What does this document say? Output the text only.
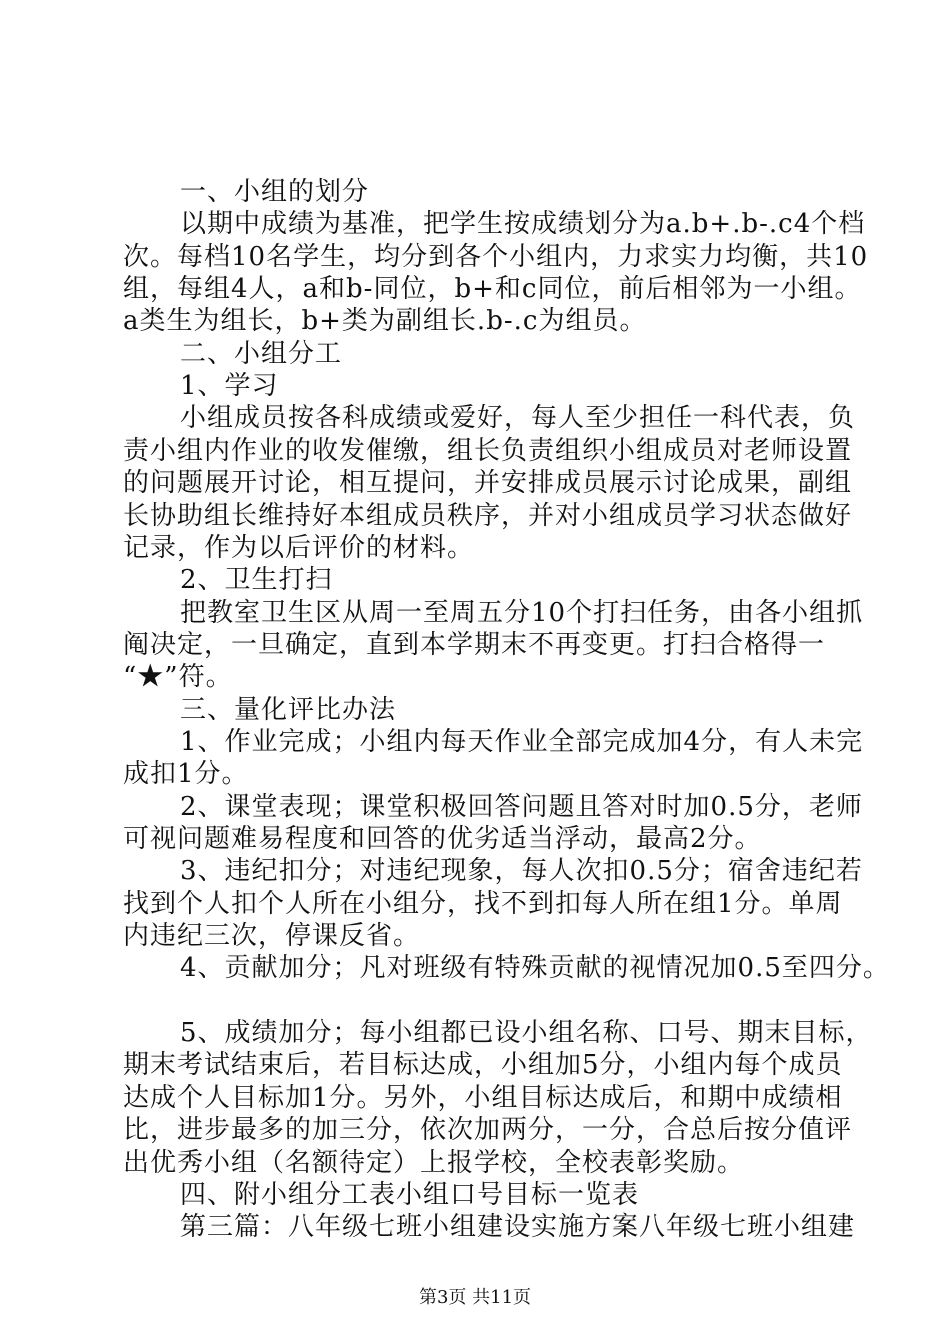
一、小组的划分
以期中成绩为基准，把学生按成绩划分为a.b+.b-.c4个档
次。每档10名学生，均分到各个小组内，力求实力均衡，共10
组，每组4人，a和b-同位，b+和c同位，前后相邻为一小组。
a类生为组长，b+类为副组长.b-.c为组员。
二、小组分工
1、学习
小组成员按各科成绩或爱好，每人至少担任一科代表，负
责小组内作业的收发催缴，组长负责组织小组成员对老师设置
的问题展开讨论，相互提问，并安排成员展示讨论成果，副组
长协助组长维持好本组成员秩序，并对小组成员学习状态做好
记录，作为以后评价的材料。
2、卫生打扫
把教室卫生区从周一至周五分10个打扫任务，由各小组抓
阄决定，一旦确定，直到本学期末不再变更。打扫合格得一
“★”符。
三、量化评比办法
1、作业完成；小组内每天作业全部完成加4分，有人未完
成扣1分。
2、课堂表现；课堂积极回答问题且答对时加0.5分，老师
可视问题难易程度和回答的优劣适当浮动，最高2分。
3、违纪扣分；对违纪现象，每人次扣0.5分；宿舍违纪若
找到个人扣个人所在小组分，找不到扣每人所在组1分。单周
内违纪三次，停课反省。
4、贡献加分；凡对班级有特殊贡献的视情况加0.5至四分。
5、成绩加分；每小组都已设小组名称、口号、期末目标，
期末考试结束后，若目标达成，小组加5分，小组内每个成员
达成个人目标加1分。另外，小组目标达成后，和期中成绩相
比，进步最多的加三分，依次加两分，一分，合总后按分值评
出优秀小组（名额待定）上报学校，全校表彰奖励。
四、附小组分工表小组口号目标一览表
第三篇：八年级七班小组建设实施方案八年级七班小组建
第3页 共11页
